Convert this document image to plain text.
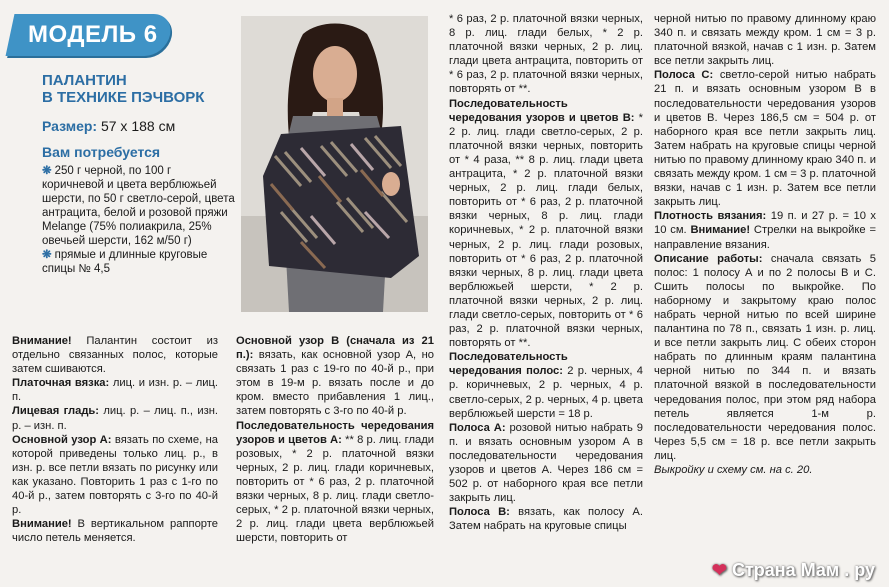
МОДЕЛЬ 6
ПАЛАНТИН
В ТЕХНИКЕ ПЭЧВОРК
Размер: 57 х 188 см
Вам потребуется
❋ 250 г черной, по 100 г коричневой и цвета верблюжьей шерсти, по 50 г светло-серой, цвета антрацита, белой и розовой пряжи Melange (75% полиакрила, 25% овечьей шерсти, 162 м/50 г)
❋ прямые и длинные круговые спицы № 4,5

Внимание! Палантин состоит из отдельно связанных полос, которые затем сшиваются.

Платочная вязка: лиц. и изн. р. – лиц. п.

Лицевая гладь: лиц. р. – лиц. п., изн. р. – изн. п.

Основной узор А: вязать по схеме, на которой приведены только лиц. р., в изн. р. все петли вязать по рисунку или как указано. Повторить 1 раз с 1-го по 40-й р., затем повторять с 3-го по 40-й р.

Внимание! В вертикальном раппорте число петель меняется.

Основной узор В (сначала из 21 п.): вязать, как основной узор А, но связать 1 раз с 19-го по 40-й р., при этом в 19-м р. вязать после и до кром. вместо прибавления 1 лиц., затем повторять с 3-го по 40-й р.

Последовательность чередования узоров и цветов А: ** 8 р. лиц. глади розовых, * 2 р. платочной вязки черных, 2 р. лиц. глади коричневых, повторить от * 6 раз, 2 р. платочной вязки черных, 8 р. лиц. глади светло-серых, * 2 р. платочной вязки черных, 2 р. лиц. глади цвета верблюжьей шерсти, повторить от

* 6 раз, 2 р. платочной вязки черных, 8 р. лиц. глади белых, * 2 р. платочной вязки черных, 2 р. лиц. глади цвета антрацита, повторить от * 6 раз, 2 р. платочной вязки черных, повторять от **.

Последовательность чередования узоров и цветов В: * 2 р. лиц. глади светло-серых, 2 р. платочной вязки черных, повторить от * 4 раза, ** 8 р. лиц. глади цвета антрацита, * 2 р. платочной вязки черных, 2 р. лиц. глади белых, повторить от * 6 раз, 2 р. платочной вязки черных, 8 р. лиц. глади коричневых, * 2 р. платочной вязки черных, 2 р. лиц. глади розовых, повторить от * 6 раз, 2 р. платочной вязки черных, 8 р. лиц. глади цвета верблюжьей шерсти, * 2 р. платочной вязки черных, 2 р. лиц. глади светло-серых, повторить от * 6 раз, 2 р. платочной вязки черных, повторять от **.

Последовательность чередования полос: 2 р. черных, 4 р. коричневых, 2 р. черных, 4 р. светло-серых, 2 р. черных, 4 р. цвета верблюжьей шерсти = 18 р.

Полоса А: розовой нитью набрать 9 п. и вязать основным узором А в последовательности чередования узоров и цветов А. Через 186 см = 502 р. от наборного края все петли закрыть лиц.

Полоса В: вязать, как полосу А. Затем набрать на круговые спицы

черной нитью по правому длинному краю 340 п. и связать между кром. 1 см = 3 р. платочной вязкой, начав с 1 изн. р. Затем все петли закрыть лиц.

Полоса С: светло-серой нитью набрать 21 п. и вязать основным узором В в последовательности чередования узоров и цветов В. Через 186,5 см = 504 р. от наборного края все петли закрыть лиц. Затем набрать на круговые спицы черной нитью по правому длинному краю 340 п. и связать между кром. 1 см = 3 р. платочной вязки, начав с 1 изн. р. Затем все петли закрыть лиц.

Плотность вязания: 19 п. и 27 р. = 10 х 10 см. Внимание! Стрелки на выкройке = направление вязания.

Описание работы: сначала связать 5 полос: 1 полосу А и по 2 полосы В и С. Сшить полосы по выкройке. По наборному и закрытому краю полос набрать черной нитью по всей ширине палантина по 78 п., связать 1 изн. р. лиц. и все петли закрыть лиц. С обеих сторон набрать по длинным краям палантина черной нитью по 344 п. и вязать платочной вязкой в последовательности чередования полос, при этом ряд набора петель является 1-м р. последовательности чередования полос. Через 5,5 см = 18 р. все петли закрыть лиц.

Выкройку и схему см. на с. 20.

❤ Страна Мам . ру
